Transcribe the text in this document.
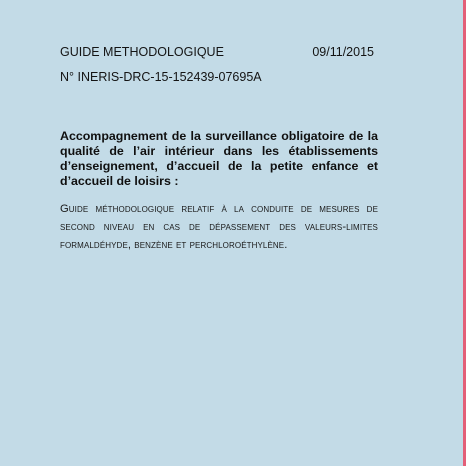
GUIDE METHODOLOGIQUE	09/11/2015
N° INERIS-DRC-15-152439-07695A
Accompagnement de la surveillance obligatoire de la qualité de l’air intérieur dans les établissements d’enseignement, d’accueil de la petite enfance et d’accueil de loisirs :
Guide méthodologique relatif à la conduite de mesures de second niveau en cas de dépassement des valeurs-limites formaldéhyde, benzène et perchloroéthylène.
